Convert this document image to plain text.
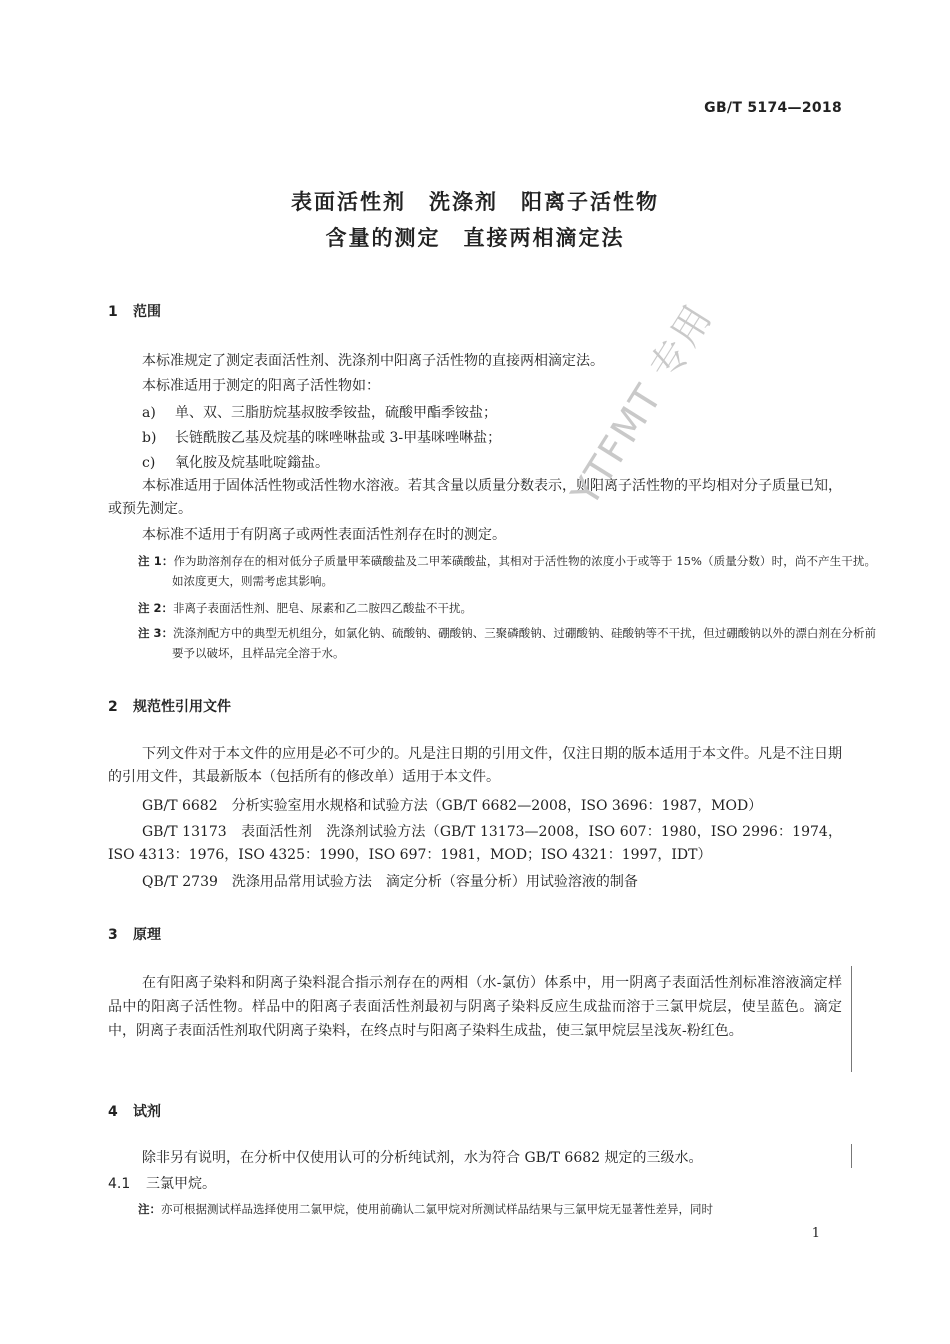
GB/T 5174—2018
表面活性剂　洗涤剂　阳离子活性物
含量的测定　直接两相滴定法
1 范围
本标准规定了测定表面活性剂、洗涤剂中阳离子活性物的直接两相滴定法。
本标准适用于测定的阳离子活性物如：
a) 单、双、三脂肪烷基叔胺季铵盐，硫酸甲酯季铵盐；
b) 长链酰胺乙基及烷基的咪唑啉盐或 3-甲基咪唑啉盐；
c) 氧化胺及烷基吡啶鎓盐。
本标准适用于固体活性物或活性物水溶液。若其含量以质量分数表示，则阳离子活性物的平均相对分子质量已知，或预先测定。
本标准不适用于有阴离子或两性表面活性剂存在时的测定。
注 1：作为助溶剂存在的相对低分子质量甲苯磺酸盐及二甲苯磺酸盐，其相对于活性物的浓度小于或等于 15%（质量分数）时，尚不产生干扰。如浓度更大，则需考虑其影响。
注 2：非离子表面活性剂、肥皂、尿素和乙二胺四乙酸盐不干扰。
注 3：洗涤剂配方中的典型无机组分，如氯化钠、硫酸钠、硼酸钠、三聚磷酸钠、过硼酸钠、硅酸钠等不干扰，但过硼酸钠以外的漂白剂在分析前要予以破坏，且样品完全溶于水。
2 规范性引用文件
下列文件对于本文件的应用是必不可少的。凡是注日期的引用文件，仅注日期的版本适用于本文件。凡是不注日期的引用文件，其最新版本（包括所有的修改单）适用于本文件。
GB/T 6682　分析实验室用水规格和试验方法（GB/T 6682—2008，ISO 3696：1987，MOD）
GB/T 13173　表面活性剂　洗涤剂试验方法（GB/T 13173—2008，ISO 607：1980，ISO 2996：1974，ISO 4313：1976，ISO 4325：1990，ISO 697：1981，MOD；ISO 4321：1997，IDT）
QB/T 2739　洗涤用品常用试验方法　滴定分析（容量分析）用试验溶液的制备
3 原理
在有阳离子染料和阴离子染料混合指示剂存在的两相（水-氯仿）体系中，用一阴离子表面活性剂标准溶液滴定样品中的阳离子活性物。样品中的阳离子表面活性剂最初与阴离子染料反应生成盐而溶于三氯甲烷层，使呈蓝色。滴定中，阴离子表面活性剂取代阴离子染料，在终点时与阳离子染料生成盐，使三氯甲烷层呈浅灰-粉红色。
4 试剂
除非另有说明，在分析中仅使用认可的分析纯试剂，水为符合 GB/T 6682 规定的三级水。
4.1 三氯甲烷。
注：亦可根据测试样品选择使用二氯甲烷，使用前确认二氯甲烷对所测试样品结果与三氯甲烷无显著性差异，同时
YTFMT 专用
1
